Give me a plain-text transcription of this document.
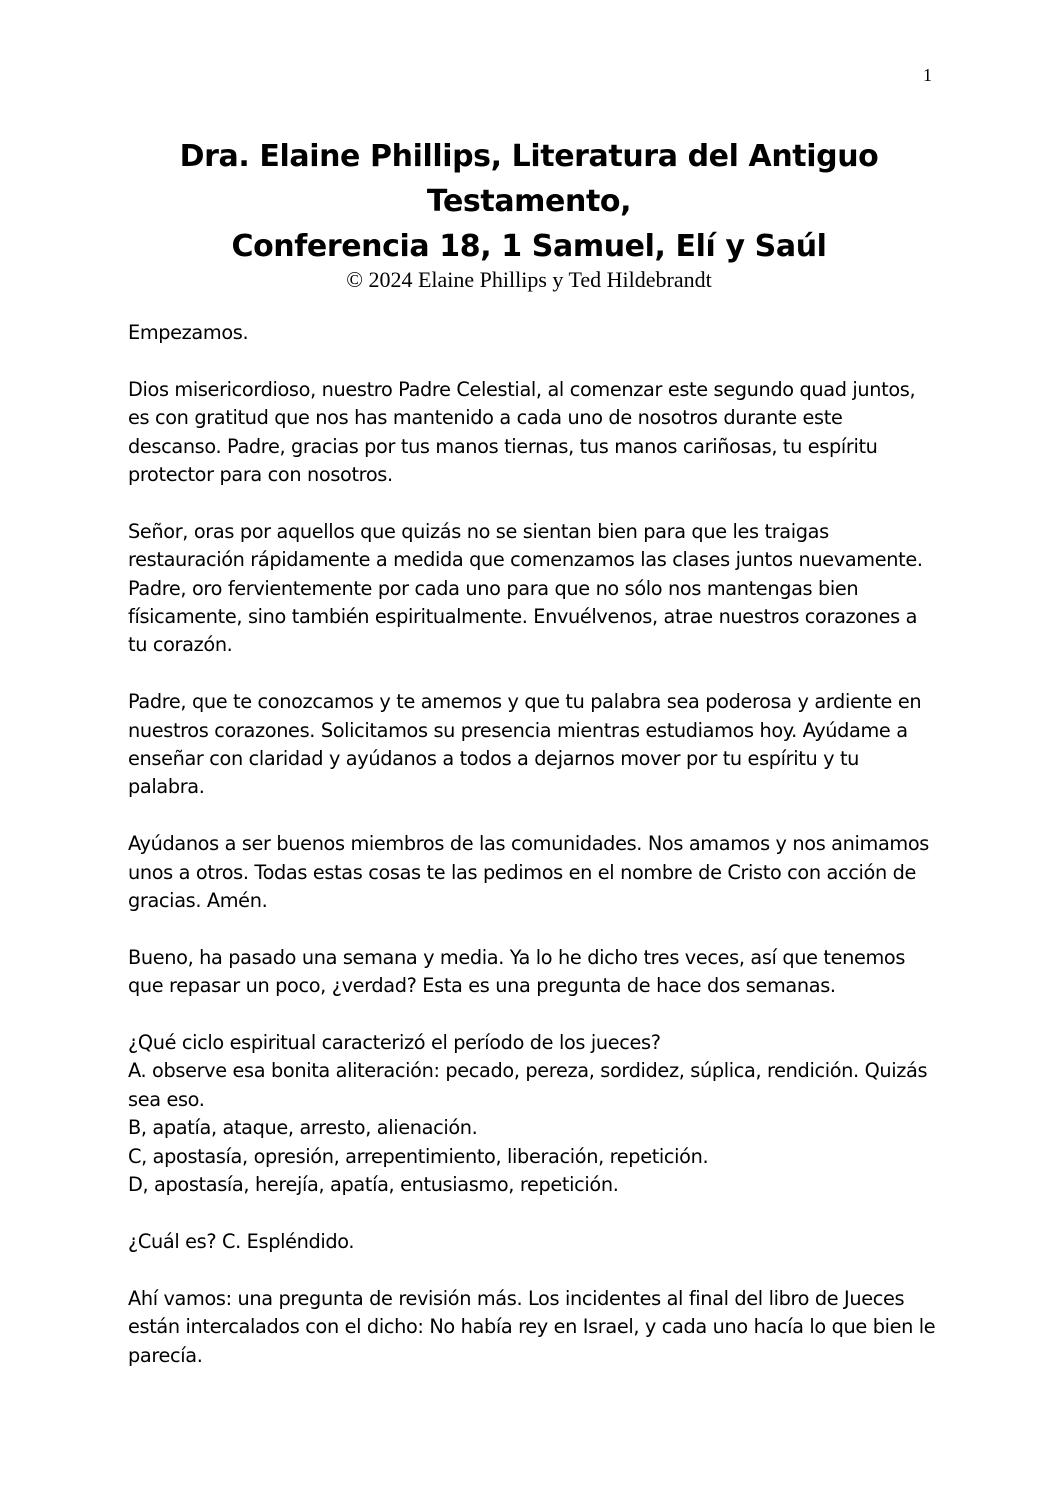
1

Dra. Elaine Phillips, Literatura del Antiguo

Testamento,

Conferencia 18, 1 Samuel, Elí y Saúl

© 2024 Elaine Phillips y Ted Hildebrandt

Empezamos.

Dios misericordioso, nuestro Padre Celestial, al comenzar este segundo quad juntos, es con gratitud que nos has mantenido a cada uno de nosotros durante este descanso. Padre, gracias por tus manos tiernas, tus manos cariñosas, tu espíritu protector para con nosotros.

Señor, oras por aquellos que quizás no se sientan bien para que les traigas restauración rápidamente a medida que comenzamos las clases juntos nuevamente. Padre, oro fervientemente por cada uno para que no sólo nos mantengas bien físicamente, sino también espiritualmente. Envuélvenos, atrae nuestros corazones a tu corazón.

Padre, que te conozcamos y te amemos y que tu palabra sea poderosa y ardiente en nuestros corazones. Solicitamos su presencia mientras estudiamos hoy. Ayúdame a enseñar con claridad y ayúdanos a todos a dejarnos mover por tu espíritu y tu palabra.

Ayúdanos a ser buenos miembros de las comunidades. Nos amamos y nos animamos unos a otros. Todas estas cosas te las pedimos en el nombre de Cristo con acción de gracias. Amén.

Bueno, ha pasado una semana y media. Ya lo he dicho tres veces, así que tenemos que repasar un poco, ¿verdad? Esta es una pregunta de hace dos semanas.

¿Qué ciclo espiritual caracterizó el período de los jueces?
A. observe esa bonita aliteración: pecado, pereza, sordidez, súplica, rendición. Quizás sea eso.
B, apatía, ataque, arresto, alienación.
C, apostasía, opresión, arrepentimiento, liberación, repetición.
D, apostasía, herejía, apatía, entusiasmo, repetición.

¿Cuál es? C. Espléndido.

Ahí vamos: una pregunta de revisión más. Los incidentes al final del libro de Jueces están intercalados con el dicho: No había rey en Israel, y cada uno hacía lo que bien le parecía.
